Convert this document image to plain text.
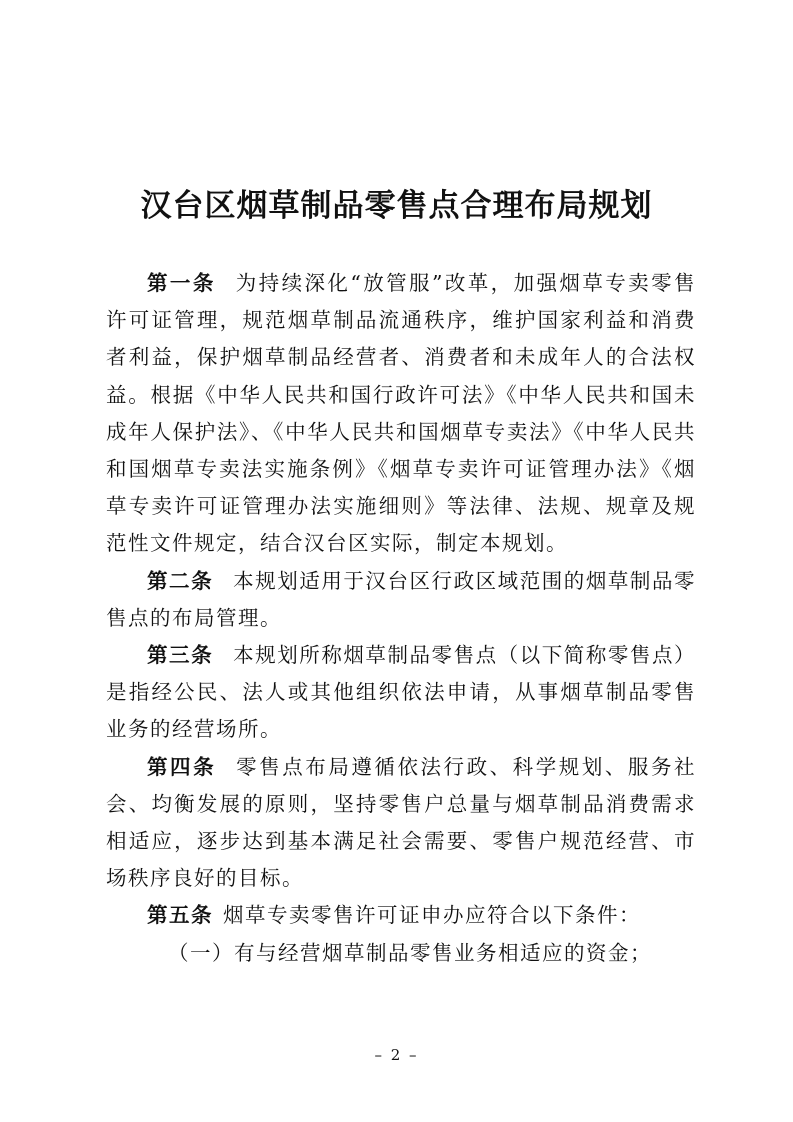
汉台区烟草制品零售点合理布局规划

第一条 为持续深化“放管服”改革，加强烟草专卖零售许可证管理，规范烟草制品流通秩序，维护国家利益和消费者利益，保护烟草制品经营者、消费者和未成年人的合法权益。根据《中华人民共和国行政许可法》《中华人民共和国未成年人保护法》、《中华人民共和国烟草专卖法》《中华人民共和国烟草专卖法实施条例》《烟草专卖许可证管理办法》《烟草专卖许可证管理办法实施细则》等法律、法规、规章及规范性文件规定，结合汉台区实际，制定本规划。

第二条 本规划适用于汉台区行政区域范围的烟草制品零售点的布局管理。

第三条 本规划所称烟草制品零售点（以下简称零售点）是指经公民、法人或其他组织依法申请，从事烟草制品零售业务的经营场所。

第四条 零售点布局遵循依法行政、科学规划、服务社会、均衡发展的原则，坚持零售户总量与烟草制品消费需求相适应，逐步达到基本满足社会需要、零售户规范经营、市场秩序良好的目标。

第五条 烟草专卖零售许可证申办应符合以下条件：

（一）有与经营烟草制品零售业务相适应的资金；

– 2 –
